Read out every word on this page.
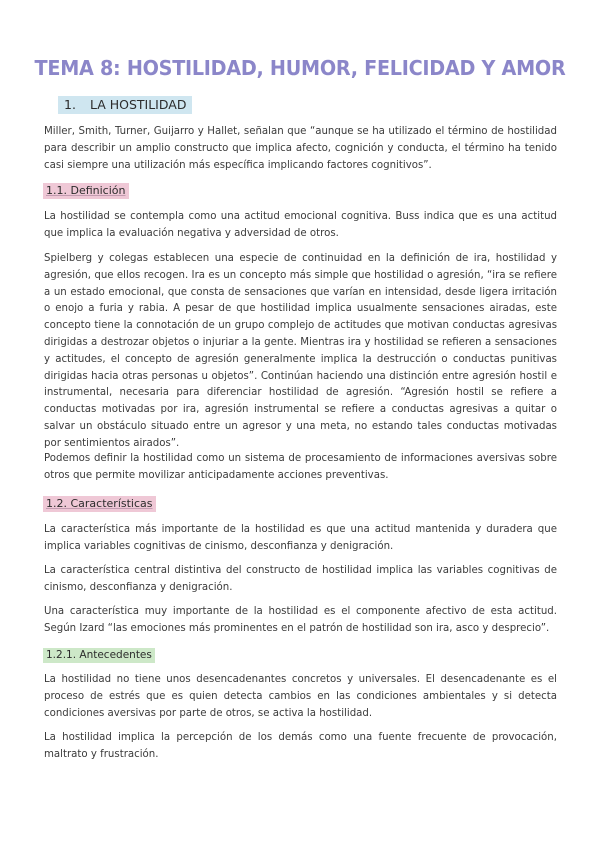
TEMA 8: HOSTILIDAD, HUMOR, FELICIDAD Y AMOR
1. LA HOSTILIDAD

Miller, Smith, Turner, Guijarro y Hallet, señalan que “aunque se ha utilizado el término de hostilidad para describir un amplio constructo que implica afecto, cognición y conducta, el término ha tenido casi siempre una utilización más específica implicando factores cognitivos”.

1.1. Definición

La hostilidad se contempla como una actitud emocional cognitiva. Buss indica que es una actitud que implica la evaluación negativa y adversidad de otros.

Spielberg y colegas establecen una especie de continuidad en la definición de ira, hostilidad y agresión, que ellos recogen. Ira es un concepto más simple que hostilidad o agresión, “ira se refiere a un estado emocional, que consta de sensaciones que varían en intensidad, desde ligera irritación o enojo a furia y rabia. A pesar de que hostilidad implica usualmente sensaciones airadas, este concepto tiene la connotación de un grupo complejo de actitudes que motivan conductas agresivas dirigidas a destrozar objetos o injuriar a la gente. Mientras ira y hostilidad se refieren a sensaciones y actitudes, el concepto de agresión generalmente implica la destrucción o conductas punitivas dirigidas hacia otras personas u objetos”. Continúan haciendo una distinción entre agresión hostil e instrumental, necesaria para diferenciar hostilidad de agresión. “Agresión hostil se refiere a conductas motivadas por ira, agresión instrumental se refiere a conductas agresivas a quitar o salvar un obstáculo situado entre un agresor y una meta, no estando tales conductas motivadas por sentimientos airados”.

Podemos definir la hostilidad como un sistema de procesamiento de informaciones aversivas sobre otros que permite movilizar anticipadamente acciones preventivas.

1.2. Características

La característica más importante de la hostilidad es que una actitud mantenida y duradera que implica variables cognitivas de cinismo, desconfianza y denigración.

La característica central distintiva del constructo de hostilidad implica las variables cognitivas de cinismo, desconfianza y denigración.

Una característica muy importante de la hostilidad es el componente afectivo de esta actitud. Según Izard “las emociones más prominentes en el patrón de hostilidad son ira, asco y desprecio”.

1.2.1. Antecedentes

La hostilidad no tiene unos desencadenantes concretos y universales. El desencadenante es el proceso de estrés que es quien detecta cambios en las condiciones ambientales y si detecta condiciones aversivas por parte de otros, se activa la hostilidad.

La hostilidad implica la percepción de los demás como una fuente frecuente de provocación, maltrato y frustración.
